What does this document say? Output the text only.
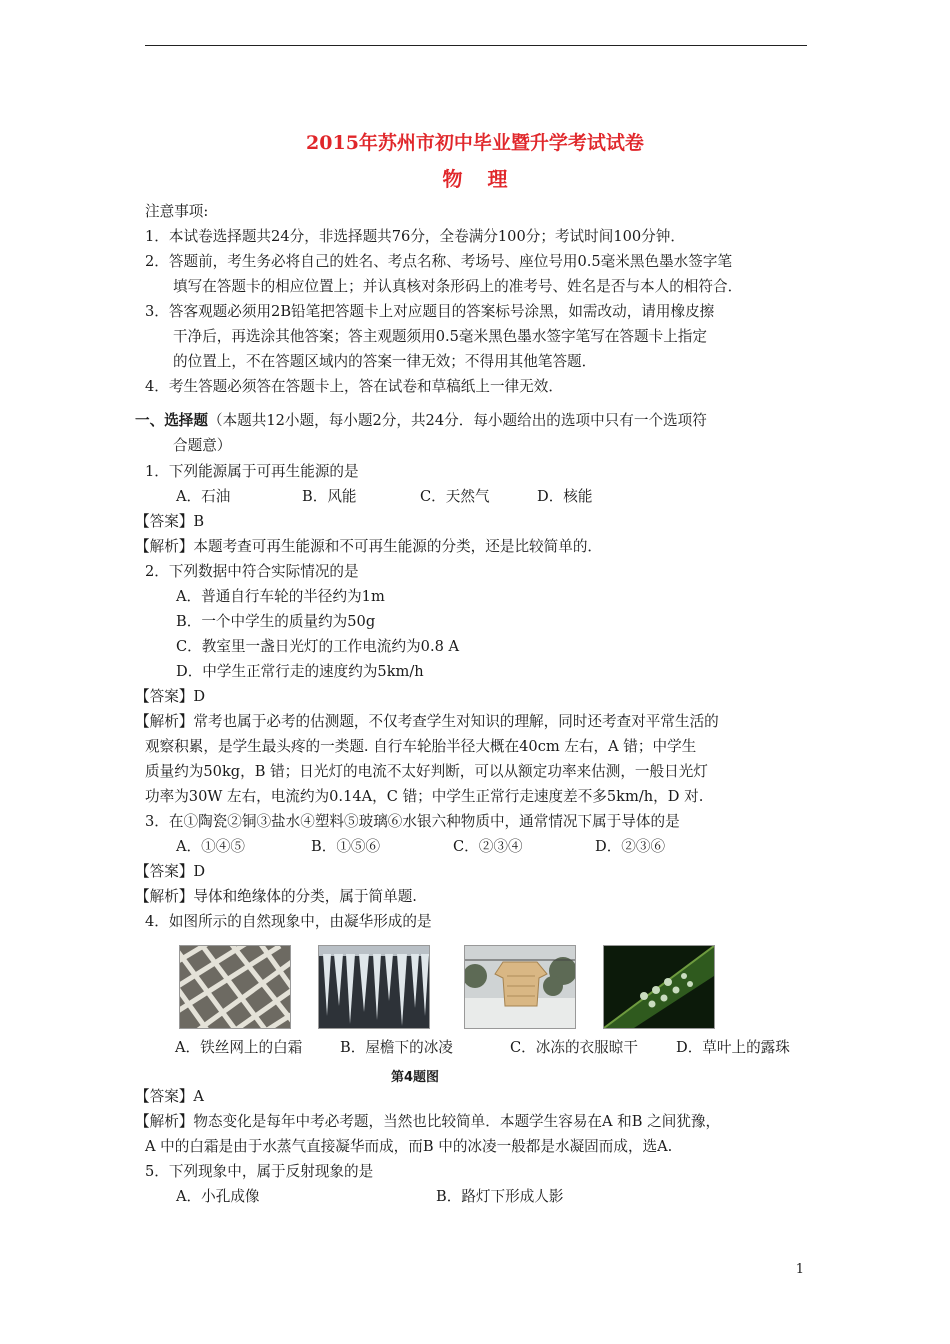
2015年苏州市初中毕业暨升学考试试卷
物 理
注意事项:
1．本试卷选择题共24分，非选择题共76分，全卷满分100分；考试时间100分钟．
2．答题前，考生务必将自己的姓名、考点名称、考场号、座位号用0.5毫米黑色墨水签字笔
填写在答题卡的相应位置上；并认真核对条形码上的准考号、姓名是否与本人的相符合．
3．答客观题必须用2B铅笔把答题卡上对应题目的答案标号涂黑，如需改动，请用橡皮擦
干净后，再选涂其他答案；答主观题须用0.5毫米黑色墨水签字笔写在答题卡上指定
的位置上，不在答题区域内的答案一律无效；不得用其他笔答题．
4．考生答题必须答在答题卡上，答在试卷和草稿纸上一律无效．
一、选择题（本题共12小题，每小题2分，共24分．每小题给出的选项中只有一个选项符
合题意）
1．下列能源属于可再生能源的是
A．石油	B．风能	C．天然气	D．核能
【答案】B
【解析】本题考查可再生能源和不可再生能源的分类，还是比较简单的．
2．下列数据中符合实际情况的是
A．普通自行车轮的半径约为1m
B．一个中学生的质量约为50g
C．教室里一盏日光灯的工作电流约为0.8 A
D．中学生正常行走的速度约为5km/h
【答案】D
【解析】常考也属于必考的估测题，不仅考查学生对知识的理解，同时还考查对平常生活的
观察积累，是学生最头疼的一类题. 自行车轮胎半径大概在40cm 左右，A 错；中学生
质量约为50kg，B 错；日光灯的电流不太好判断，可以从额定功率来估测，一般日光灯
功率为30W 左右，电流约为0.14A，C 错；中学生正常行走速度差不多5km/h，D 对.
3．在①陶瓷②铜③盐水④塑料⑤玻璃⑥水银六种物质中，通常情况下属于导体的是
A．①④⑤	B．①⑤⑥	C．②③④	D．②③⑥
【答案】D
【解析】导体和绝缘体的分类，属于简单题.
4．如图所示的自然现象中，由凝华形成的是
A．铁丝网上的白霜	B．屋檐下的冰凌	C．冰冻的衣服晾干	D．草叶上的露珠
第4题图
【答案】A
【解析】物态变化是每年中考必考题，当然也比较简单．本题学生容易在A 和B 之间犹豫，
A 中的白霜是由于水蒸气直接凝华而成，而B 中的冰凌一般都是水凝固而成，选A.
5．下列现象中，属于反射现象的是
A．小孔成像	B．路灯下形成人影
1
